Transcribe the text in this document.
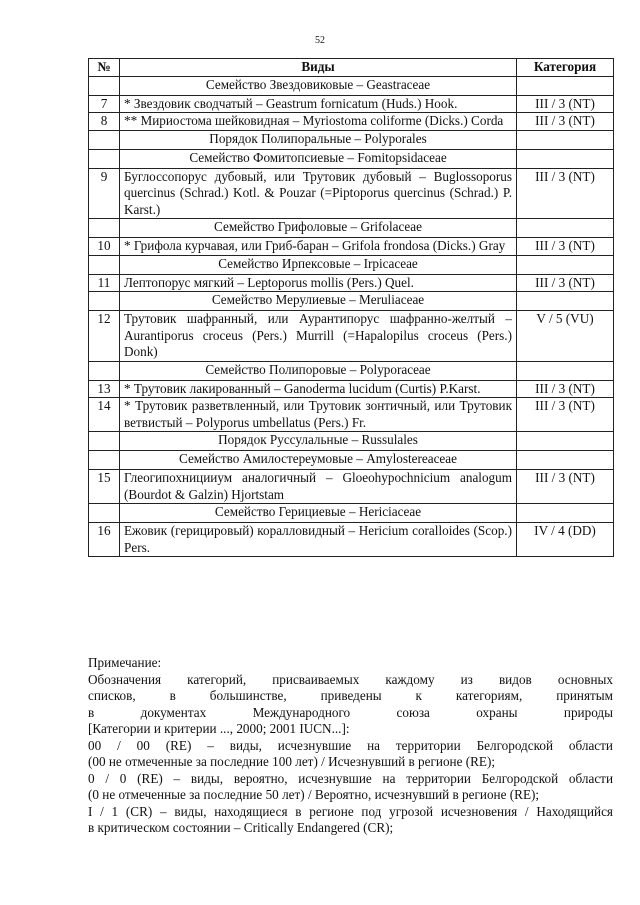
52
№	Виды	Категория
	Семейство Звездовиковые – Geastraceae	
7	* Звездовик сводчатый – Geastrum fornicatum (Huds.) Hook.	III / 3 (NT)
8	** Мириостома шейковидная – Myriostoma coliforme (Dicks.) Corda	III / 3 (NT)
	Порядок Полипоральные – Polyporales	
	Семейство Фомитопсиевые – Fomitopsidaceae	
9	Буглоссопорус дубовый, или Трутовик дубовый – Buglossoporus quercinus (Schrad.) Kotl. & Pouzar (=Piptoporus quercinus (Schrad.) P. Karst.)	III / 3 (NT)
	Семейство Грифоловые – Grifolaceae	
10	* Грифола курчавая, или Гриб-баран – Grifola frondosa (Dicks.) Gray	III / 3 (NT)
	Семейство Ирпексовые – Irpicaceae	
11	Лептопорус мягкий – Leptoporus mollis (Pers.) Quel.	III / 3 (NT)
	Семейство Мерулиевые – Meruliaceae	
12	Трутовик шафранный, или Аурантипорус шафранно-желтый – Aurantiporus croceus (Pers.) Murrill (=Hapalopilus croceus (Pers.) Donk)	V / 5 (VU)
	Семейство Полипоровые – Polyporaceae	
13	* Трутовик лакированный – Ganoderma lucidum (Curtis) P.Karst.	III / 3 (NT)
14	* Трутовик разветвленный, или Трутовик зонтичный, или Трутовик ветвистый – Polyporus umbellatus (Pers.) Fr.	III / 3 (NT)
	Порядок Руссулальные – Russulales	
	Семейство Амилостереумовые – Amylostereaceae	
15	Глеогипохницииум аналогичный – Gloeohypochnicium analogum (Bourdot & Galzin) Hjortstam	III / 3 (NT)
	Семейство Герициевые – Hericiaceae	
16	Ежовик (герицировый) коралловидный – Hericium coralloides (Scop.) Pers.	IV / 4 (DD)

Примечание:

Обозначения категорий, присваиваемых каждому из видов основных

списков, в большинстве, приведены к категориям, принятым

в документах Международного союза охраны природы

[Категории и критерии ..., 2000; 2001 IUCN...]:

00 / 00 (RE) – виды, исчезнувшие на территории Белгородской области

(00 не отмеченные за последние 100 лет) / Исчезнувший в регионе (RE);

0 / 0 (RE) – виды, вероятно, исчезнувшие на территории Белгородской области

(0 не отмеченные за последние 50 лет) / Вероятно, исчезнувший в регионе (RE);

I / 1 (CR) – виды, находящиеся в регионе под угрозой исчезновения / Находящийся

в критическом состоянии – Critically Endangered (CR);
